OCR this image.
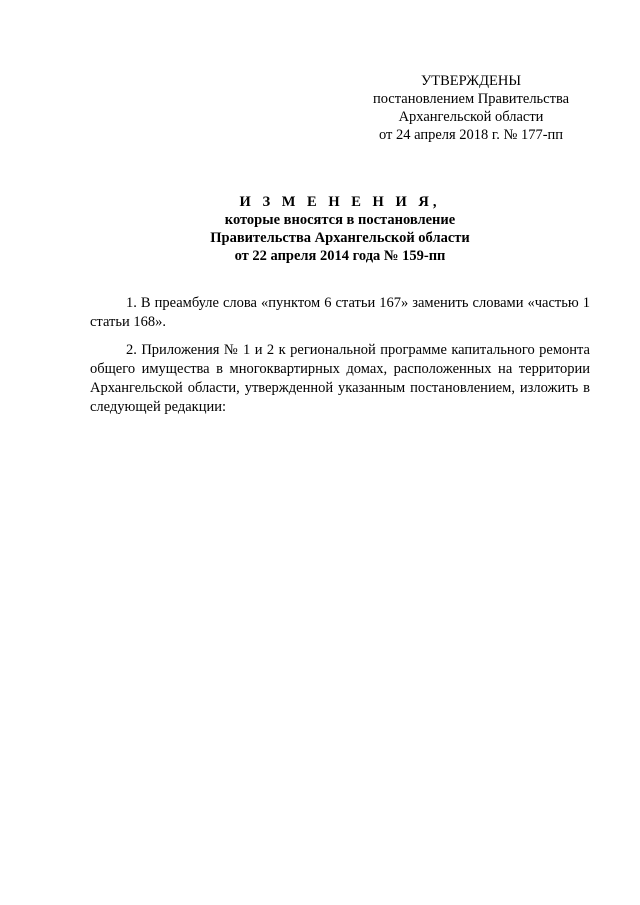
УТВЕРЖДЕНЫ
постановлением Правительства
Архангельской области
от 24 апреля 2018 г. № 177-пп
И З М Е Н Е Н И Я,
которые вносятся в постановление
Правительства Архангельской области
от 22 апреля 2014 года № 159-пп

1. В преамбуле слова «пунктом 6 статьи 167» заменить словами «частью 1 статьи 168».

2. Приложения № 1 и 2 к региональной программе капитального ремонта общего имущества в многоквартирных домах, расположенных на территории Архангельской области, утвержденной указанным постановлением, изложить в следующей редакции:
